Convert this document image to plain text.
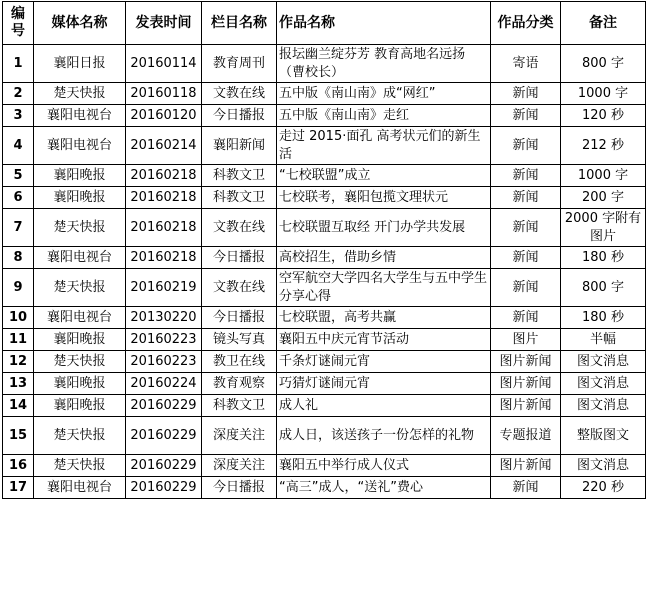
编号	媒体名称	发表时间	栏目名称	作品名称	作品分类	备注
1	襄阳日报	20160114	教育周刊	报坛幽兰绽芬芳 教育高地名远扬（曹校长）	寄语	800 字
2	楚天快报	20160118	文教在线	五中版《南山南》成“网红”	新闻	1000 字
3	襄阳电视台	20160120	今日播报	五中版《南山南》走红	新闻	120 秒
4	襄阳电视台	20160214	襄阳新闻	走过 2015·面孔 高考状元们的新生活	新闻	212 秒
5	襄阳晚报	20160218	科教文卫	“七校联盟”成立	新闻	1000 字
6	襄阳晚报	20160218	科教文卫	七校联考，襄阳包揽文理状元	新闻	200 字
7	楚天快报	20160218	文教在线	七校联盟互取经 开门办学共发展	新闻	2000 字附有图片
8	襄阳电视台	20160218	今日播报	高校招生，借助乡情	新闻	180 秒
9	楚天快报	20160219	文教在线	空军航空大学四名大学生与五中学生分享心得	新闻	800 字
10	襄阳电视台	20130220	今日播报	七校联盟，高考共赢	新闻	180 秒
11	襄阳晚报	20160223	镜头写真	襄阳五中庆元宵节活动	图片	半幅
12	楚天快报	20160223	教卫在线	千条灯谜闹元宵	图片新闻	图文消息
13	襄阳晚报	20160224	教育观察	巧猜灯谜闹元宵	图片新闻	图文消息
14	襄阳晚报	20160229	科教文卫	成人礼	图片新闻	图文消息
15	楚天快报	20160229	深度关注	成人日，该送孩子一份怎样的礼物	专题报道	整版图文
16	楚天快报	20160229	深度关注	襄阳五中举行成人仪式	图片新闻	图文消息
17	襄阳电视台	20160229	今日播报	“高三”成人，“送礼”费心	新闻	220 秒
